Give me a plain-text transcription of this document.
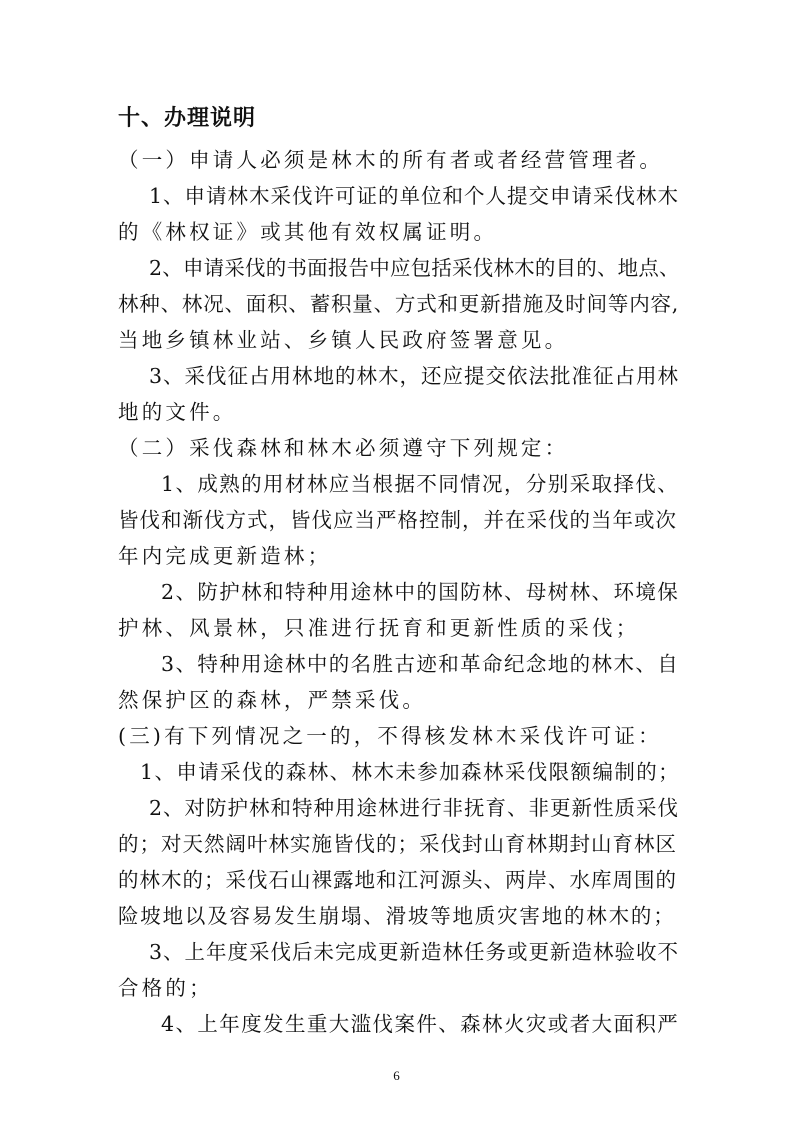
十、办理说明
（一）申请人必须是林木的所有者或者经营管理者。
1、申请林木采伐许可证的单位和个人提交申请采伐林木
的《林权证》或其他有效权属证明。
2、申请采伐的书面报告中应包括采伐林木的目的、地点、
林种、林况、面积、蓄积量、方式和更新措施及时间等内容,
当地乡镇林业站、乡镇人民政府签署意见。
3、采伐征占用林地的林木，还应提交依法批准征占用林
地的文件。
（二）采伐森林和林木必须遵守下列规定：
1、成熟的用材林应当根据不同情况，分别采取择伐、
皆伐和渐伐方式，皆伐应当严格控制，并在采伐的当年或次
年内完成更新造林；
2、防护林和特种用途林中的国防林、母树林、环境保
护林、风景林，只准进行抚育和更新性质的采伐；
3、特种用途林中的名胜古迹和革命纪念地的林木、自
然保护区的森林，严禁采伐。
(三)有下列情况之一的，不得核发林木采伐许可证：
1、申请采伐的森林、林木未参加森林采伐限额编制的；
2、对防护林和特种用途林进行非抚育、非更新性质采伐
的；对天然阔叶林实施皆伐的；采伐封山育林期封山育林区
的林木的；采伐石山裸露地和江河源头、两岸、水库周围的
险坡地以及容易发生崩塌、滑坡等地质灾害地的林木的；
3、上年度采伐后未完成更新造林任务或更新造林验收不
合格的；
4、上年度发生重大滥伐案件、森林火灾或者大面积严
6
